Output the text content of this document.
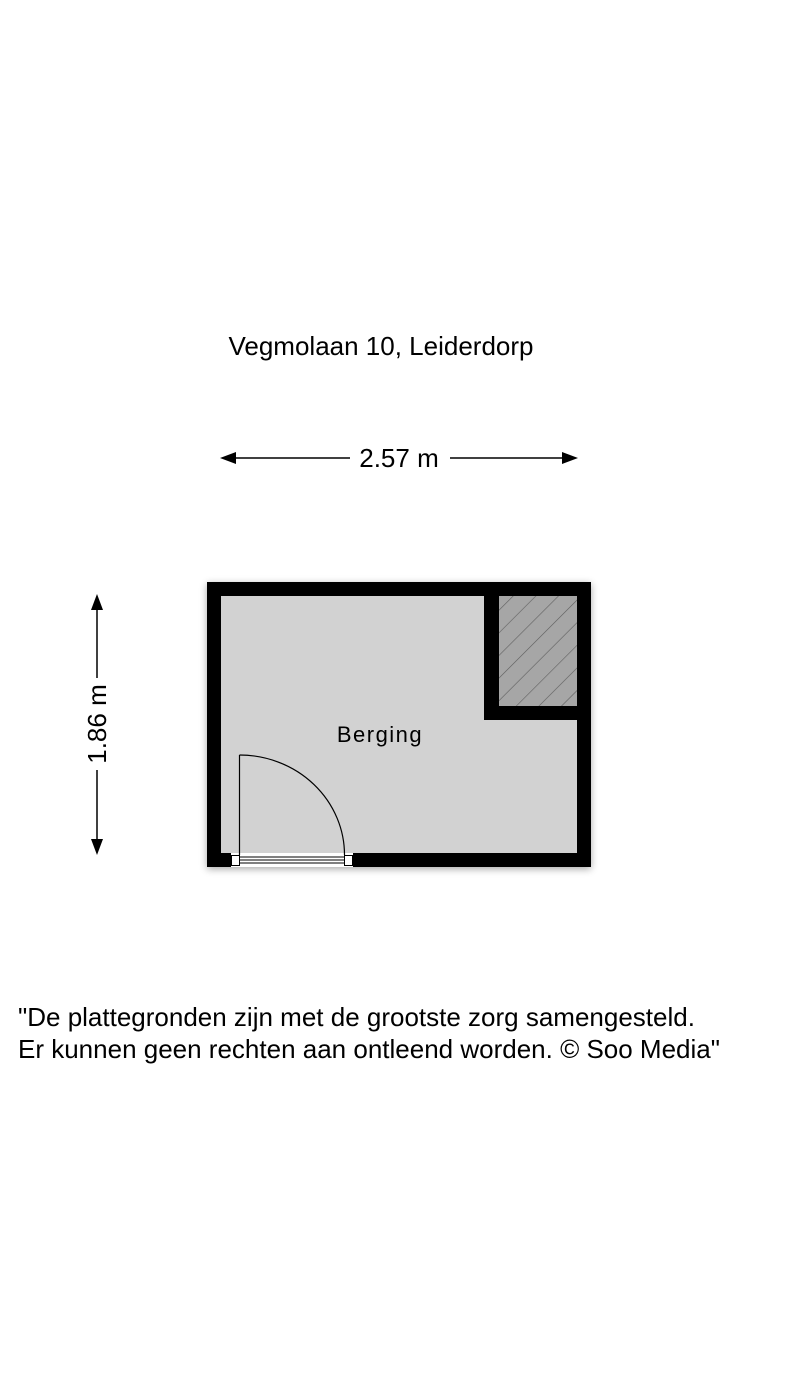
Vegmolaan 10, Leiderdorp
2.57 m
1.86 m	Berging
"De plattegronden zijn met de grootste zorg samengesteld.
Er kunnen geen rechten aan ontleend worden. © Soo Media"
